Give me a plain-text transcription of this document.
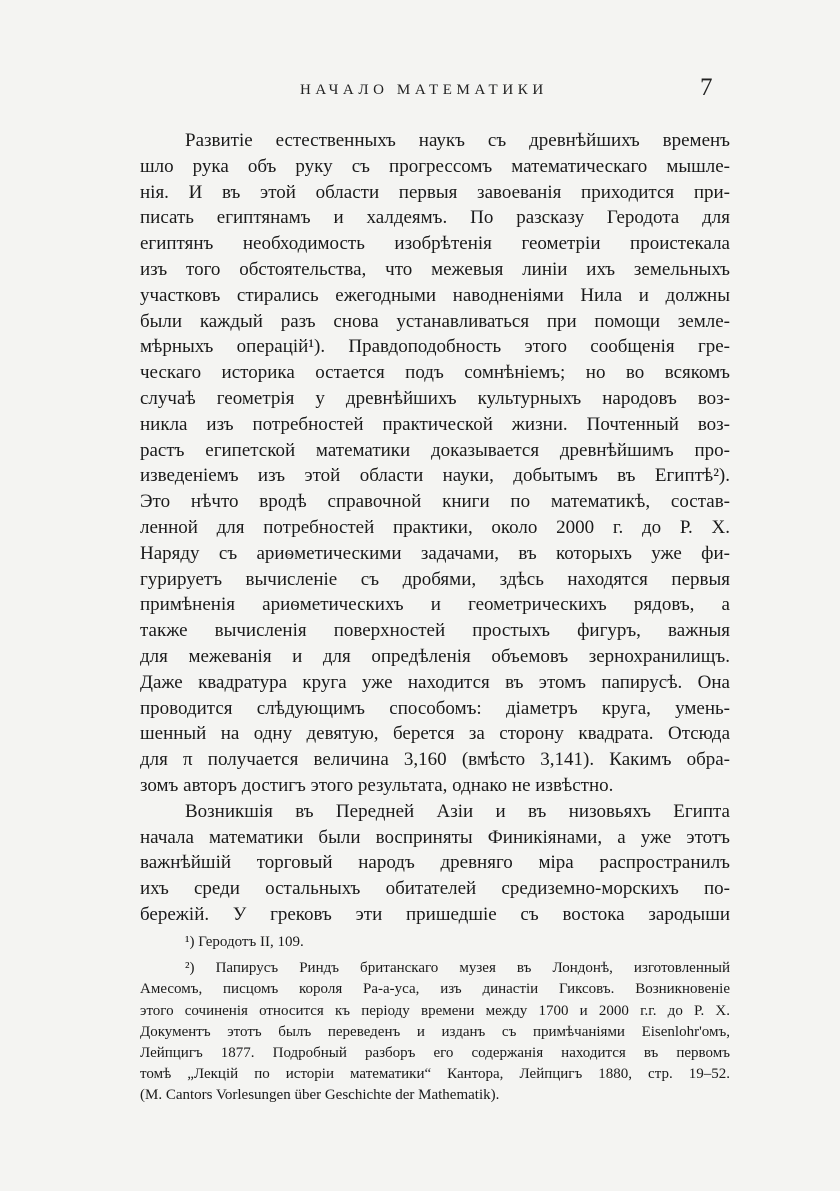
НАЧАЛО МАТЕМАТИКИ	7
Развитіе естественныхъ наукъ съ древнѣйшихъ временъ
шло рука объ руку съ прогрессомъ математическаго мышле-
нія. И въ этой области первыя завоеванія приходится при-
писать египтянамъ и халдеямъ. По разсказу Геродота для
египтянъ необходимость изобрѣтенія геометріи проистекала
изъ того обстоятельства, что межевыя линіи ихъ земельныхъ
участковъ стирались ежегодными наводненіями Нила и должны
были каждый разъ снова устанавливаться при помощи земле-
мѣрныхъ операцій¹). Правдоподобность этого сообщенія гре-
ческаго историка остается подъ сомнѣніемъ; но во всякомъ
случаѣ геометрія у древнѣйшихъ культурныхъ народовъ воз-
никла изъ потребностей практической жизни. Почтенный воз-
растъ египетской математики доказывается древнѣйшимъ про-
изведеніемъ изъ этой области науки, добытымъ въ Египтѣ²).
Это нѣчто вродѣ справочной книги по математикѣ, состав-
ленной для потребностей практики, около 2000 г. до Р. Х.
Наряду съ ариѳметическими задачами, въ которыхъ уже фи-
гурируетъ вычисленіе съ дробями, здѣсь находятся первыя
примѣненія ариѳметическихъ и геометрическихъ рядовъ, а
также вычисленія поверхностей простыхъ фигуръ, важныя
для межеванія и для опредѣленія объемовъ зернохранилищъ.
Даже квадратура круга уже находится въ этомъ папирусѣ. Она
проводится слѣдующимъ способомъ: діаметръ круга, умень-
шенный на одну девятую, берется за сторону квадрата. Отсюда
для π получается величина 3,160 (вмѣсто 3,141). Какимъ обра-
зомъ авторъ достигъ этого результата, однако не извѣстно.
Возникшія въ Передней Азіи и въ низовьяхъ Египта
начала математики были восприняты Финикіянами, а уже этотъ
важнѣйшій торговый народъ древняго міра распространилъ
ихъ среди остальныхъ обитателей средиземно-морскихъ по-
бережій. У грековъ эти пришедшіе съ востока зародыши
¹) Геродотъ II, 109.
²) Папирусъ Риндъ британскаго музея въ Лондонѣ, изготовленный
Амесомъ, писцомъ короля Ра-а-уса, изъ династіи Гиксовъ. Возникновеніе
этого сочиненія относится къ періоду времени между 1700 и 2000 г.г. до Р. Х.
Документъ этотъ былъ переведенъ и изданъ съ примѣчаніями Eisenlohr'омъ,
Лейпцигъ 1877. Подробный разборъ его содержанія находится въ первомъ
томѣ „Лекцій по исторіи математики“ Кантора, Лейпцигъ 1880, стр. 19–52.
(M. Cantors Vorlesungen über Geschichte der Mathematik).
